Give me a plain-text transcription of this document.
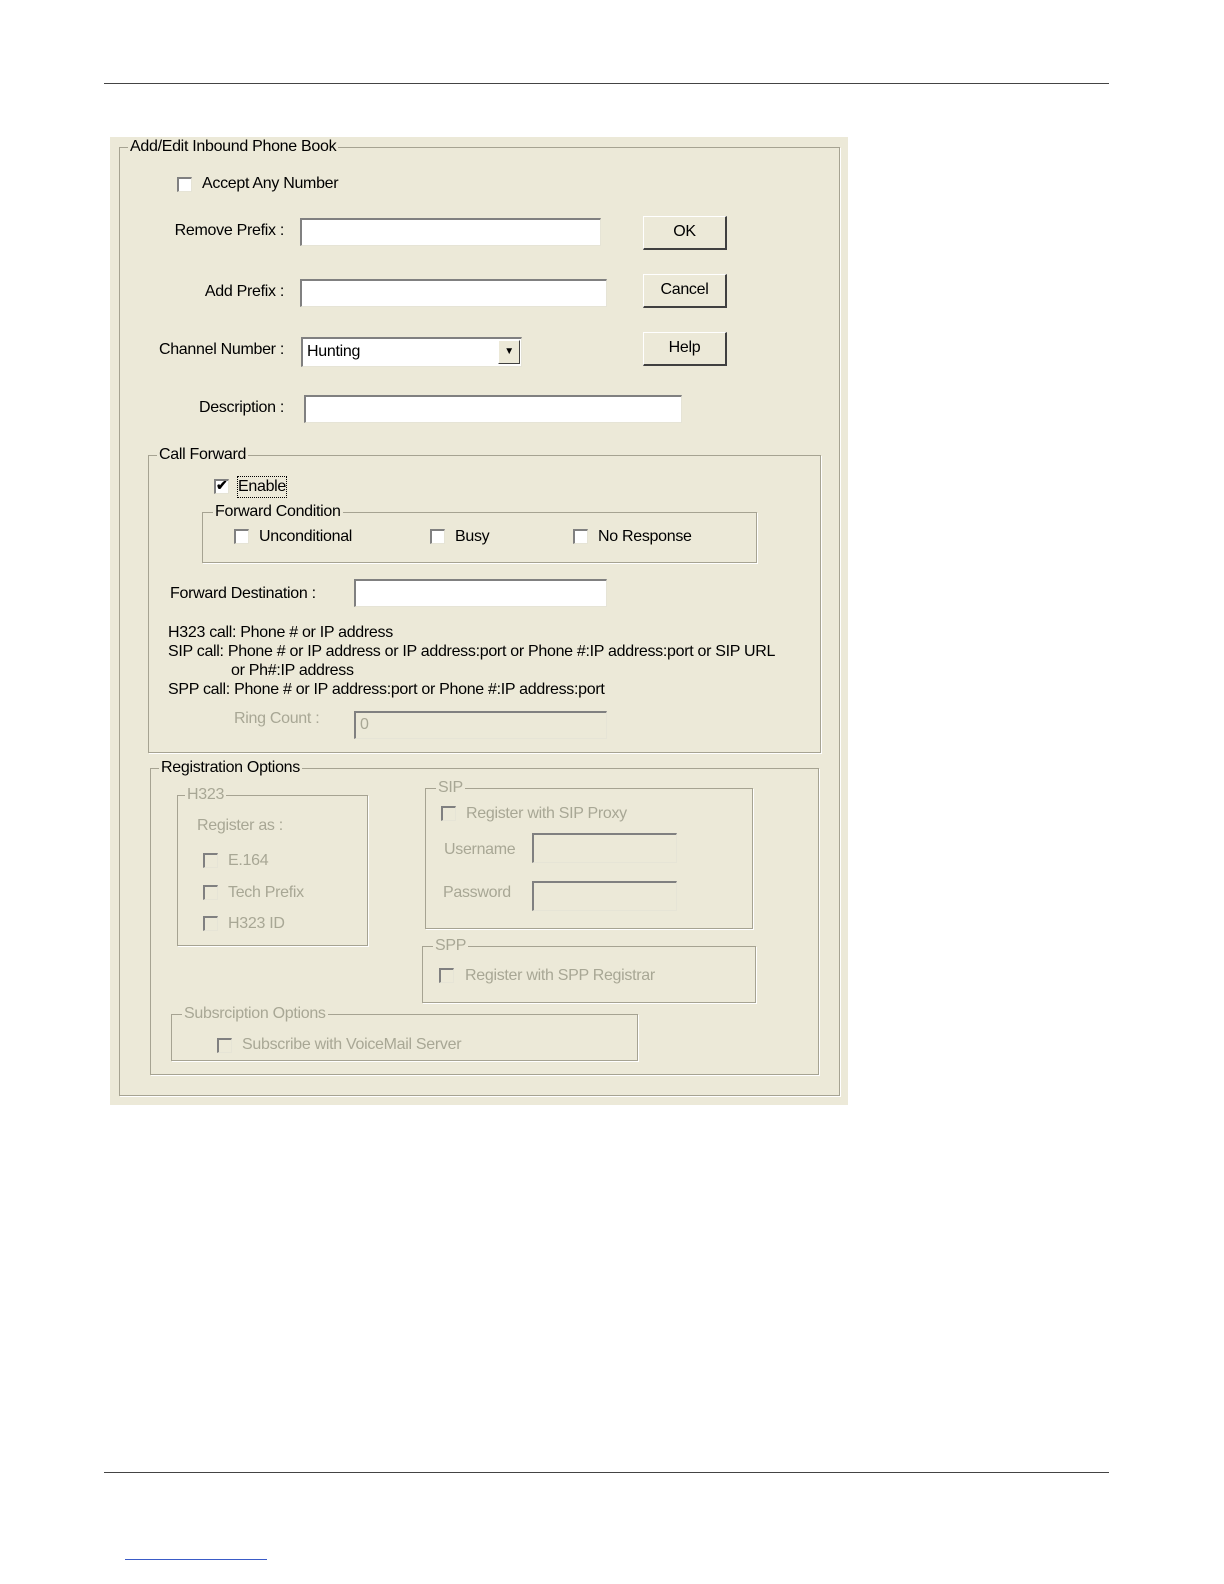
Add/Edit Inbound Phone Book
Accept Any Number
Remove Prefix :
Add Prefix :
Channel Number : Hunting	▼
Description :
OK
Cancel
Help
Call Forward
✔ Enable
Forward Condition
Unconditional	Busy	No Response
Forward Destination :
H323 call: Phone # or IP address
SIP call: Phone # or IP address or IP address:port or Phone #:IP address:port or SIP URL
or Ph#:IP address
SPP call: Phone # or IP address:port or Phone #:IP address:port
Ring Count :	0
Registration Options
H323
Register as :
E.164
Tech Prefix
H323 ID
SIP
Register with SIP Proxy
Username
Password
SPP
Register with SPP Registrar
Subsrciption Options
Subscribe with VoiceMail Server
